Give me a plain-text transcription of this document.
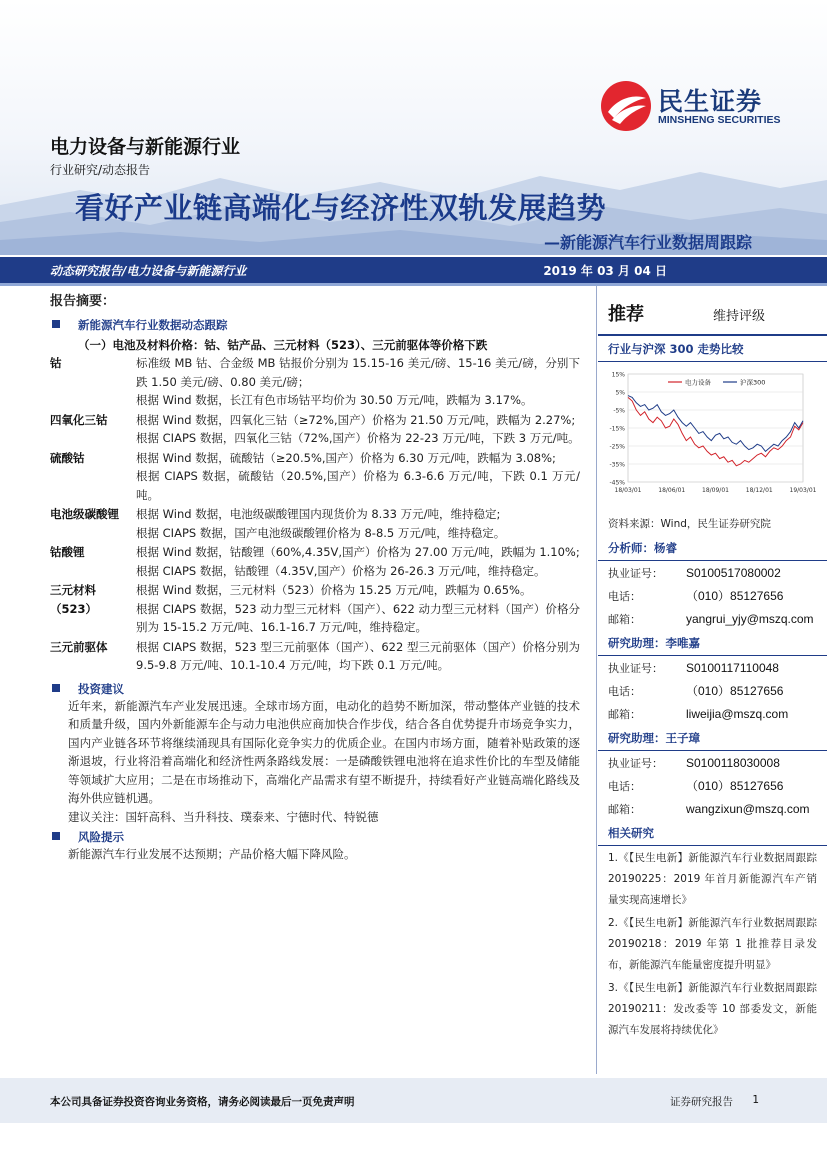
民生证券
MINSHENG SECURITIES
电力设备与新能源行业
行业研究/动态报告
看好产业链高端化与经济性双轨发展趋势
—新能源汽车行业数据周跟踪
动态研究报告/电力设备与新能源行业	2019 年 03 月 04 日
报告摘要：
新能源汽车行业数据动态跟踪
（一）电池及材料价格：钴、钴产品、三元材料（523）、三元前驱体等价格下跌
钴	标准级 MB 钴、合金级 MB 钴报价分别为 15.15-16 美元/磅、15-16 美元/磅，分别下跌 1.50 美元/磅、0.80 美元/磅；
根据 Wind 数据，长江有色市场钴平均价为 30.50 万元/吨，跌幅为 3.17%。
四氧化三钴	根据 Wind 数据，四氧化三钴（≥72%,国产）价格为 21.50 万元/吨，跌幅为 2.27%;
根据 CIAPS 数据，四氧化三钴（72%,国产）价格为 22-23 万元/吨，下跌 3 万元/吨。
硫酸钴	根据 Wind 数据，硫酸钴（≥20.5%,国产）价格为 6.30 万元/吨，跌幅为 3.08%;
根据 CIAPS 数据，硫酸钴（20.5%,国产）价格为 6.3-6.6 万元/吨，下跌 0.1 万元/吨。
电池级碳酸锂	根据 Wind 数据，电池级碳酸锂国内现货价为 8.33 万元/吨，维持稳定;
根据 CIAPS 数据，国产电池级碳酸锂价格为 8-8.5 万元/吨，维持稳定。
钴酸锂	根据 Wind 数据，钴酸锂（60%,4.35V,国产）价格为 27.00 万元/吨，跌幅为 1.10%;
根据 CIAPS 数据，钴酸锂（4.35V,国产）价格为 26-26.3 万元/吨，维持稳定。
三元材料（523）
根据 Wind 数据，三元材料（523）价格为 15.25 万元/吨，跌幅为 0.65%。
根据 CIAPS 数据，523 动力型三元材料（国产）、622 动力型三元材料（国产）价格分别为 15-15.2 万元/吨、16.1-16.7 万元/吨，维持稳定。
三元前驱体	根据 CIAPS 数据，523 型三元前驱体（国产）、622 型三元前驱体（国产）价格分别为 9.5-9.8 万元/吨、10.1-10.4 万元/吨，均下跌 0.1 万元/吨。
投资建议
近年来，新能源汽车产业发展迅速。全球市场方面，电动化的趋势不断加深，带动整体产业链的技术和质量升级，国内外新能源车企与动力电池供应商加快合作步伐，结合各自优势提升市场竞争实力，国内产业链各环节将继续涌现具有国际化竞争实力的优质企业。在国内市场方面，随着补贴政策的逐渐退坡，行业将沿着高端化和经济性两条路线发展：一是磷酸铁锂电池将在追求性价比的车型及储能等领域扩大应用；二是在市场推动下，高端化产品需求有望不断提升，持续看好产业链高端化路线及海外供应链机遇。
建议关注：国轩高科、当升科技、璞泰来、宁德时代、特锐德
风险提示
新能源汽车行业发展不达预期；产品价格大幅下降风险。
推荐	维持评级
行业与沪深 300 走势比较
15%
5%
-5%
-15%
-25%
-35%
-45%
18/03/01	18/06/01	18/09/01	18/12/01	19/03/01
电力设备	沪深300
资料来源：Wind，民生证券研究院
分析师：杨睿
执业证号：	S0100517080002
电话：	（010）85127656
邮箱：	yangrui_yjy@mszq.com
研究助理：李唯嘉
执业证号：	S0100117110048
电话：	（010）85127656
邮箱：	liweijia@mszq.com
研究助理：王子璋
执业证号：	S0100118030008
电话：	（010）85127656
邮箱：	wangzixun@mszq.com
相关研究
1.《【民生电新】新能源汽车行业数据周跟踪 20190225：2019 年首月新能源汽车产销量实现高速增长》
2.《【民生电新】新能源汽车行业数据周跟踪 20190218：2019 年第 1 批推荐目录发布，新能源汽车能量密度提升明显》
3.《【民生电新】新能源汽车行业数据周跟踪 20190211：发改委等 10 部委发文，新能源汽车发展将持续优化》
本公司具备证券投资咨询业务资格，请务必阅读最后一页免责声明	证券研究报告 1
